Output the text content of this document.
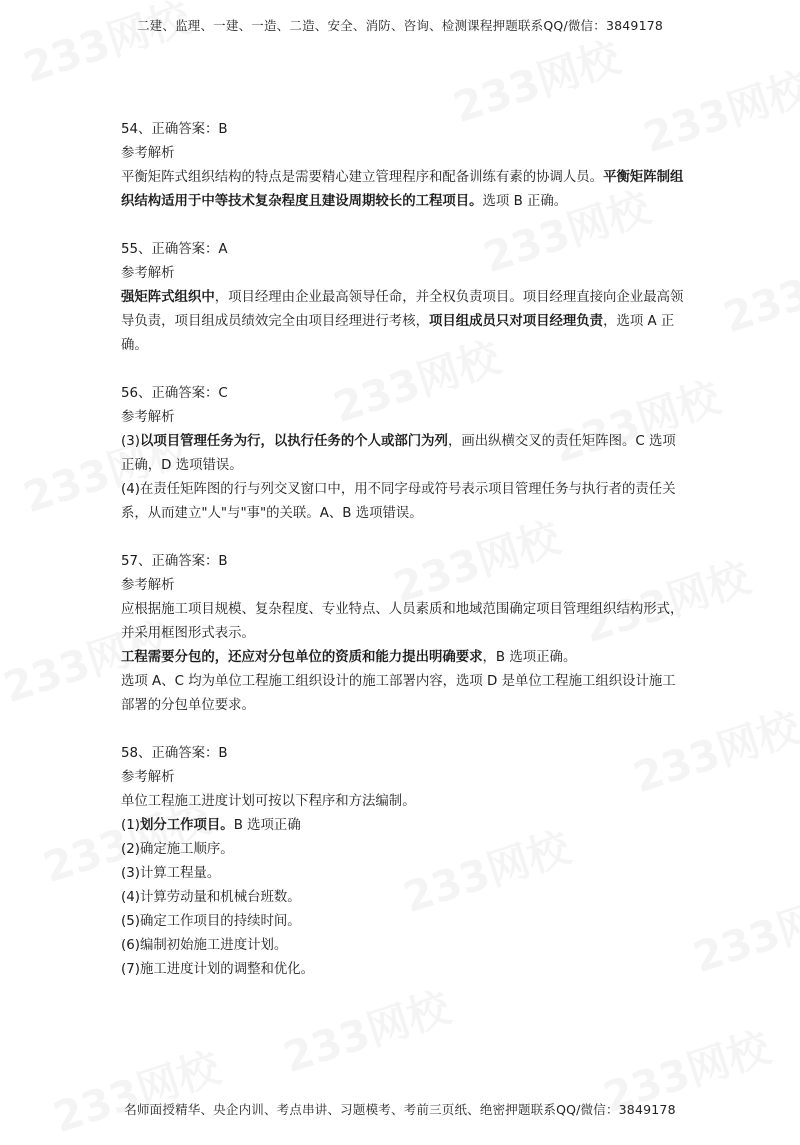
二建、监理、一建、一造、二造、安全、消防、咨询、检测课程押题联系QQ/微信：3849178

54、正确答案：B

参考解析

平衡矩阵式组织结构的特点是需要精心建立管理程序和配备训练有素的协调人员。平衡矩阵制组织结构适用于中等技术复杂程度且建设周期较长的工程项目。选项 B 正确。

55、正确答案：A

参考解析

强矩阵式组织中，项目经理由企业最高领导任命，并全权负责项目。项目经理直接向企业最高领导负责，项目组成员绩效完全由项目经理进行考核，项目组成员只对项目经理负责，选项 A 正确。

56、正确答案：C

参考解析

(3)以项目管理任务为行，以执行任务的个人或部门为列，画出纵横交叉的责任矩阵图。C 选项正确，D 选项错误。

(4)在责任矩阵图的行与列交叉窗口中，用不同字母或符号表示项目管理任务与执行者的责任关系，从而建立"人"与"事"的关联。A、B 选项错误。

57、正确答案：B

参考解析

应根据施工项目规模、复杂程度、专业特点、人员素质和地域范围确定项目管理组织结构形式，并采用框图形式表示。

工程需要分包的，还应对分包单位的资质和能力提出明确要求，B 选项正确。

选项 A、C 均为单位工程施工组织设计的施工部署内容，选项 D 是单位工程施工组织设计施工部署的分包单位要求。

58、正确答案：B

参考解析

单位工程施工进度计划可按以下程序和方法编制。

(1)划分工作项目。B 选项正确

(2)确定施工顺序。

(3)计算工程量。

(4)计算劳动量和机械台班数。

(5)确定工作项目的持续时间。

(6)编制初始施工进度计划。

(7)施工进度计划的调整和优化。

名师面授精华、央企内训、考点串讲、习题模考、考前三页纸、绝密押题联系QQ/微信：3849178
